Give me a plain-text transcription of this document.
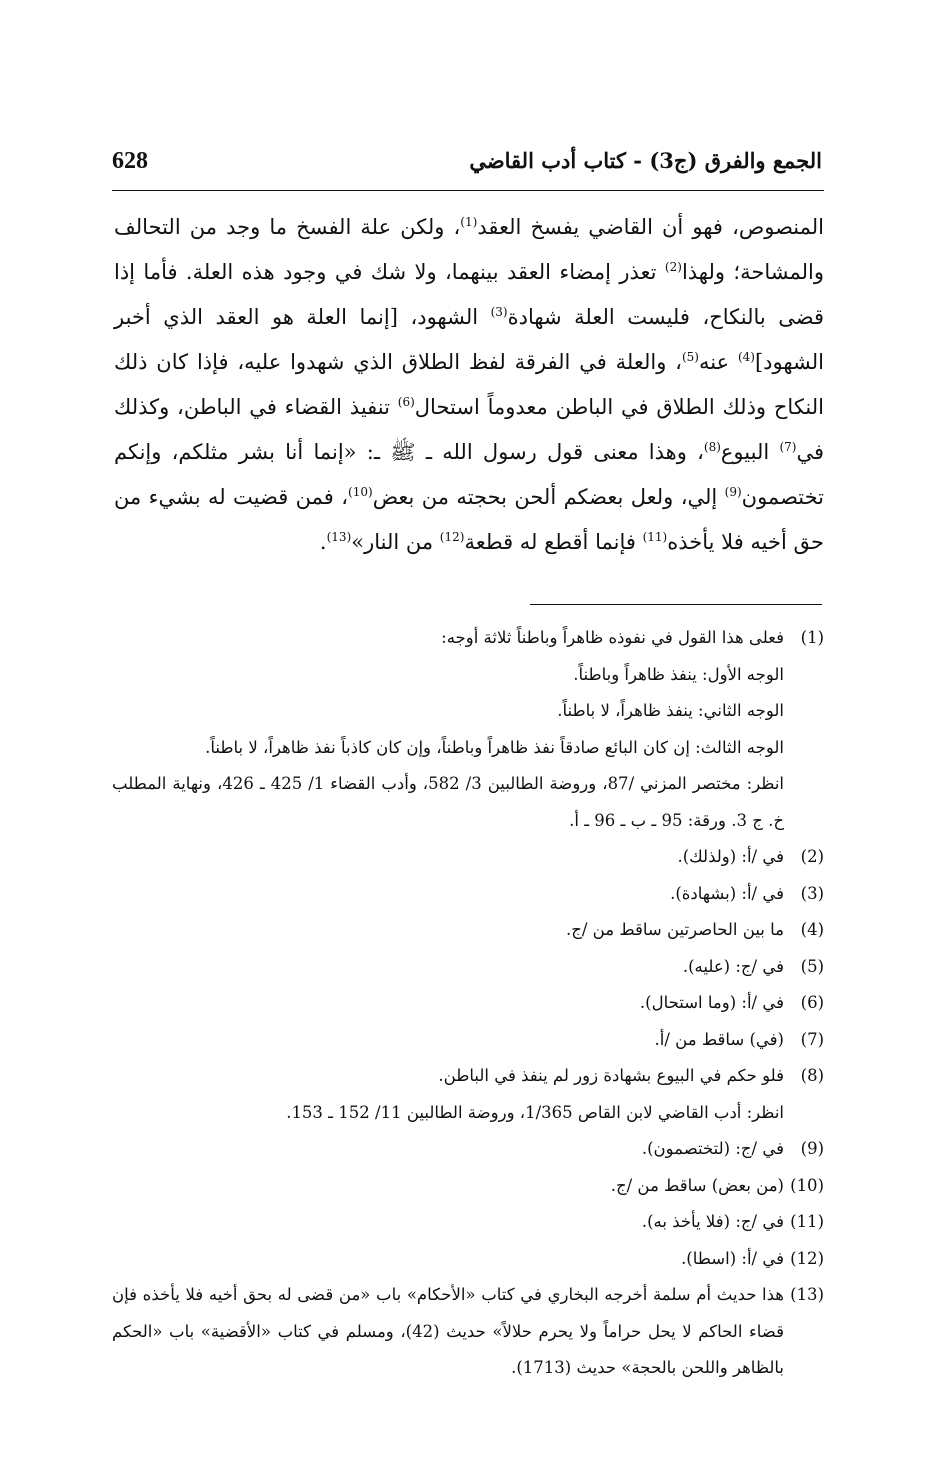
628	الجمع والفرق (ج3) - كتاب أدب القاضي

المنصوص، فهو أن القاضي يفسخ العقد$^{(1)}$، ولكن علة الفسخ ما وجد من التحالف والمشاحة؛ ولهذا$^{(2)}$ تعذر إمضاء العقد بينهما، ولا شك في وجود هذه العلة. فأما إذا قضى بالنكاح، فليست العلة شهادة$^{(3)}$ الشهود، [إنما العلة هو العقد الذي أخبر الشهود]$^{(4)}$ عنه$^{(5)}$، والعلة في الفرقة لفظ الطلاق الذي شهدوا عليه، فإذا كان ذلك النكاح وذلك الطلاق في الباطن معدوماً استحال$^{(6)}$ تنفيذ القضاء في الباطن، وكذلك في$^{(7)}$ البيوع$^{(8)}$، وهذا معنى قول رسول الله ـ ﷺ ـ: «إنما أنا بشر مثلكم، وإنكم تختصمون$^{(9)}$ إلي، ولعل بعضكم ألحن بحجته من بعض$^{(10)}$، فمن قضيت له بشيء من حق أخيه فلا يأخذه$^{(11)}$ فإنما أقطع له قطعة$^{(12)}$ من النار»$^{(13)}$.

(1)
فعلى هذا القول في نفوذه ظاهراً وباطناً ثلاثة أوجه:
الوجه الأول: ينفذ ظاهراً وباطناً.
الوجه الثاني: ينفذ ظاهراً، لا باطناً.
الوجه الثالث: إن كان البائع صادقاً نفذ ظاهراً وباطناً، وإن كان كاذباً نفذ ظاهراً، لا باطناً.
انظر: مختصر المزني /87، وروضة الطالبين 3/ 582، وأدب القضاء 1/ 425 ـ 426، ونهاية المطلب خ. ج 3. ورقة: 95 ـ ب ـ 96 ـ أ.
(2)
في /أ: (ولذلك).
(3)
في /أ: (بشهادة).
(4)
ما بين الحاصرتين ساقط من /ج.
(5)
في /ج: (عليه).
(6)
في /أ: (وما استحال).
(7)
(في) ساقط من /أ.
(8)
فلو حكم في البيوع بشهادة زور لم ينفذ في الباطن.
انظر: أدب القاضي لابن القاص 1/365، وروضة الطالبين 11/ 152 ـ 153.
(9)
في /ج: (لتختصمون).
(10)
(من بعض) ساقط من /ج.
(11)
في /ج: (فلا يأخذ به).
(12)
في /أ: (اسطا).
(13)
هذا حديث أم سلمة أخرجه البخاري في كتاب «الأحكام» باب «من قضى له بحق أخيه فلا يأخذه فإن قضاء الحاكم لا يحل حراماً ولا يحرم حلالاً» حديث (42)، ومسلم في كتاب «الأقضية» باب «الحكم بالظاهر واللحن بالحجة» حديث (1713).
